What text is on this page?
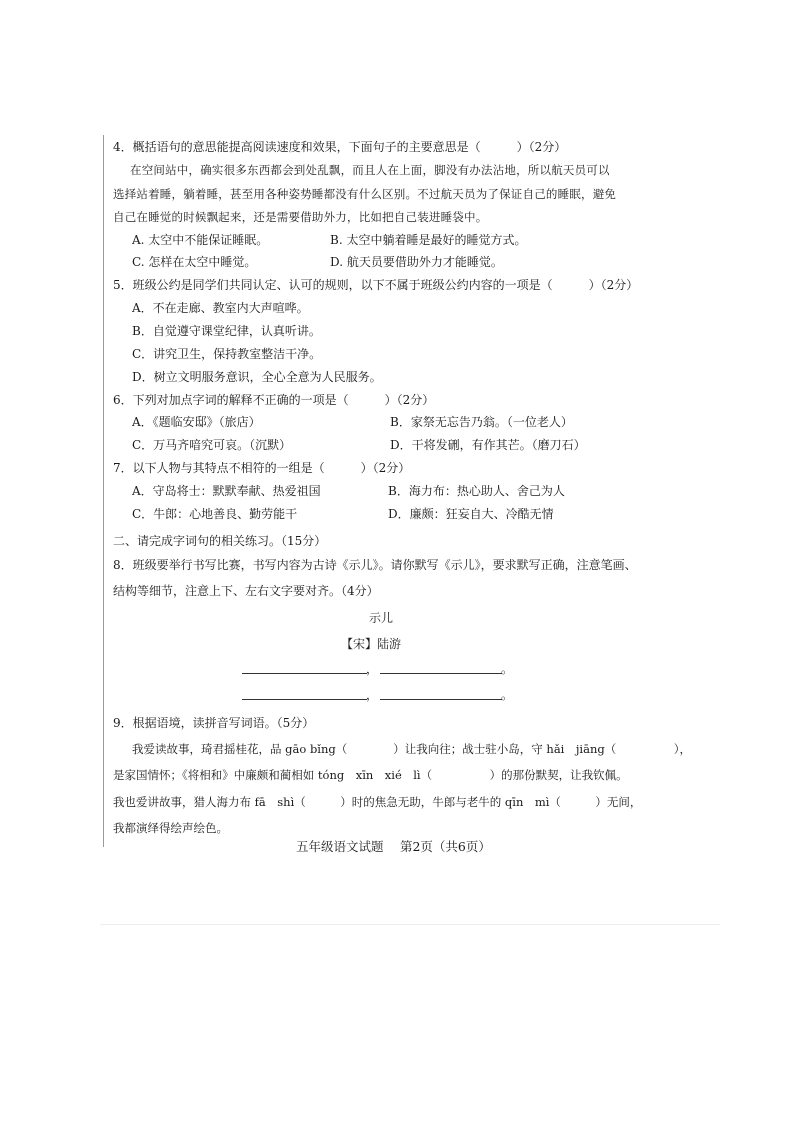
4．概括语句的意思能提高阅读速度和效果，下面句子的主要意思是（　　　）（2分）
在空间站中，确实很多东西都会到处乱飘，而且人在上面，脚没有办法沾地，所以航天员可以
选择站着睡，躺着睡，甚至用各种姿势睡都没有什么区别。不过航天员为了保证自己的睡眠，避免
自己在睡觉的时候飘起来，还是需要借助外力，比如把自己装进睡袋中。
A. 太空中不能保证睡眠。	B. 太空中躺着睡是最好的睡觉方式。
C. 怎样在太空中睡觉。	D. 航天员要借助外力才能睡觉。
5．班级公约是同学们共同认定、认可的规则，以下不属于班级公约内容的一项是（　　　）（2分）
A．不在走廊、教室内大声喧哗。
B．自觉遵守课堂纪律，认真听讲。
C．讲究卫生，保持教室整洁干净。
D．树立文明服务意识，全心全意为人民服务。
6．下列对加点字词的解释不正确的一项是（　　　）（2分）
A．《题临安邸》（旅店）	B．家祭无忘告乃翁。（一位老人）
C．万马齐喑究可哀。（沉默）	D．干将发硎，有作其芒。（磨刀石）
7．以下人物与其特点不相符的一组是（　　　）（2分）
A．守岛将士：默默奉献、热爱祖国	B．海力布：热心助人、舍己为人
C．牛郎：心地善良、勤劳能干	D．廉颇：狂妄自大、冷酷无情
二、请完成字词句的相关练习。（15分）
8．班级要举行书写比赛，书写内容为古诗《示儿》。请你默写《示儿》，要求默写正确，注意笔画、
结构等细节，注意上下、左右文字要对齐。（4分）
示儿
【宋】陆游
，	。
，	。
9．根据语境，读拼音写词语。（5分）
我爱读故事，琦君摇桂花，品 gāo bǐng（　　　　）让我向往；战士驻小岛，守 hǎi　jiāng（　　　　　），
是家国情怀；《将相和》中廉颇和蔺相如 tóng　xīn　xié　lì（　　　　　）的那份默契，让我钦佩。
我也爱讲故事，猎人海力布 fā　shì（　　　）时的焦急无助，牛郎与老牛的 qīn　mì（　　　）无间，
我都演绎得绘声绘色。
五年级语文试题　 第2页（共6页）
